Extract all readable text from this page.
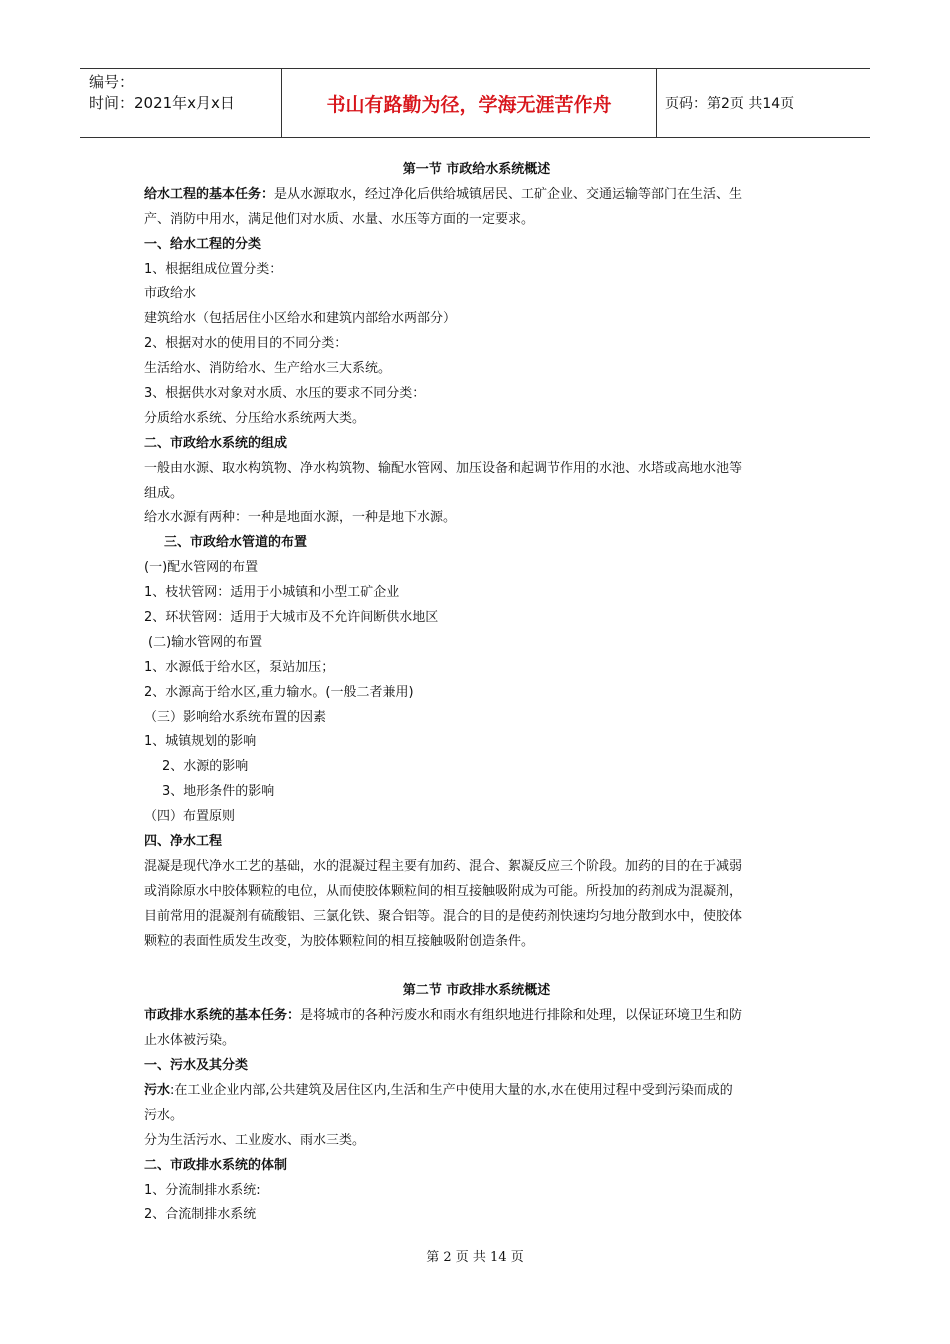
编号：
时间：2021年x月x日	书山有路勤为径，学海无涯苦作舟	页码：第2页 共14页
第一节 市政给水系统概述
给水工程的基本任务：是从水源取水，经过净化后供给城镇居民、工矿企业、交通运输等部门在生活、生
产、消防中用水，满足他们对水质、水量、水压等方面的一定要求。
一、给水工程的分类
1、根据组成位置分类：
市政给水
建筑给水（包括居住小区给水和建筑内部给水两部分）
2、根据对水的使用目的不同分类：
生活给水、消防给水、生产给水三大系统。
3、根据供水对象对水质、水压的要求不同分类：
分质给水系统、分压给水系统两大类。
二、市政给水系统的组成
一般由水源、取水构筑物、净水构筑物、输配水管网、加压设备和起调节作用的水池、水塔或高地水池等
组成。
给水水源有两种：一种是地面水源，一种是地下水源。
三、市政给水管道的布置
(一)配水管网的布置
1、枝状管网：适用于小城镇和小型工矿企业
2、环状管网：适用于大城市及不允许间断供水地区
(二)输水管网的布置
1、水源低于给水区，泵站加压；
2、水源高于给水区,重力输水。(一般二者兼用)
（三）影响给水系统布置的因素
1、城镇规划的影响
2、水源的影响
3、地形条件的影响
（四）布置原则
四、净水工程
混凝是现代净水工艺的基础，水的混凝过程主要有加药、混合、絮凝反应三个阶段。加药的目的在于减弱
或消除原水中胶体颗粒的电位，从而使胶体颗粒间的相互接触吸附成为可能。所投加的药剂成为混凝剂，
目前常用的混凝剂有硫酸铝、三氯化铁、聚合铝等。混合的目的是使药剂快速均匀地分散到水中，使胶体
颗粒的表面性质发生改变，为胶体颗粒间的相互接触吸附创造条件。
第二节 市政排水系统概述
市政排水系统的基本任务：是将城市的各种污废水和雨水有组织地进行排除和处理，以保证环境卫生和防
止水体被污染。
一、污水及其分类
污水:在工业企业内部,公共建筑及居住区内,生活和生产中使用大量的水,水在使用过程中受到污染而成的
污水。
分为生活污水、工业废水、雨水三类。
二、市政排水系统的体制
1、分流制排水系统:
2、合流制排水系统
第 2 页 共 14 页
